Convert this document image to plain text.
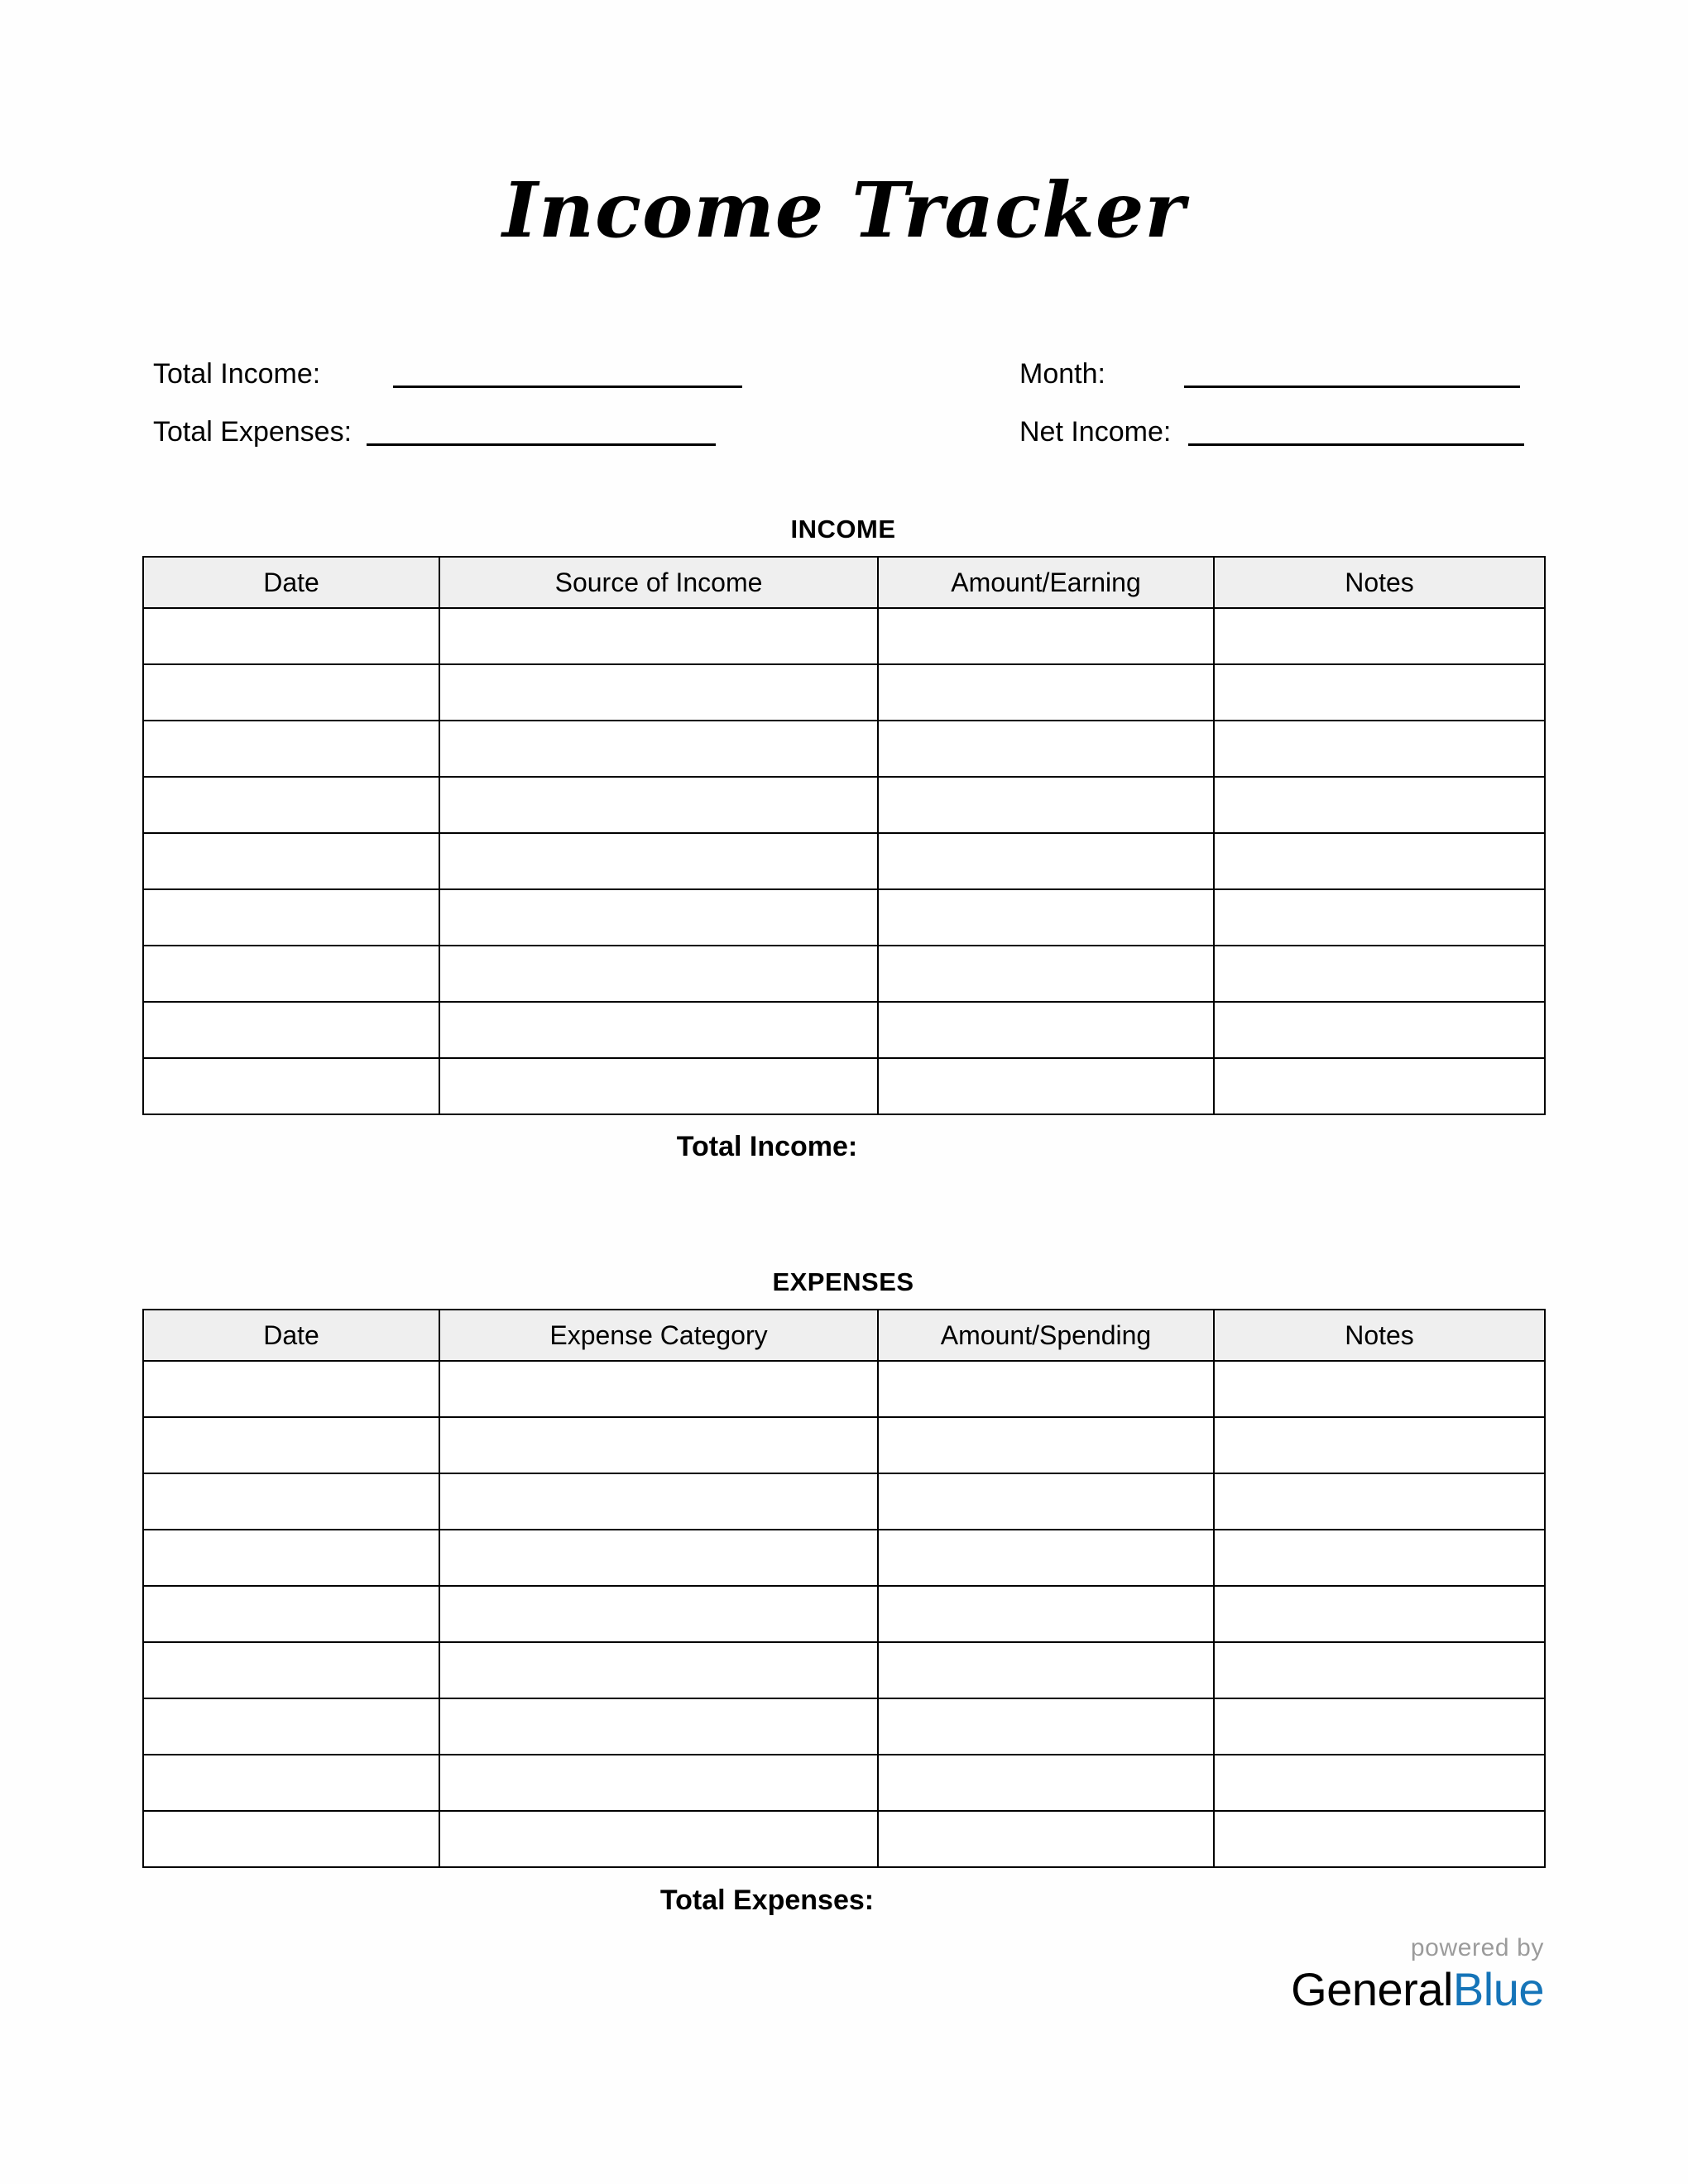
Income Tracker
Total Income:
Total Expenses:
Month:
Net Income:
INCOME
Date	Source of Income	Amount/Earning	Notes

Total Income:
EXPENSES
Date	Expense Category	Amount/Spending	Notes

Total Expenses:
powered by
GeneralBlue
